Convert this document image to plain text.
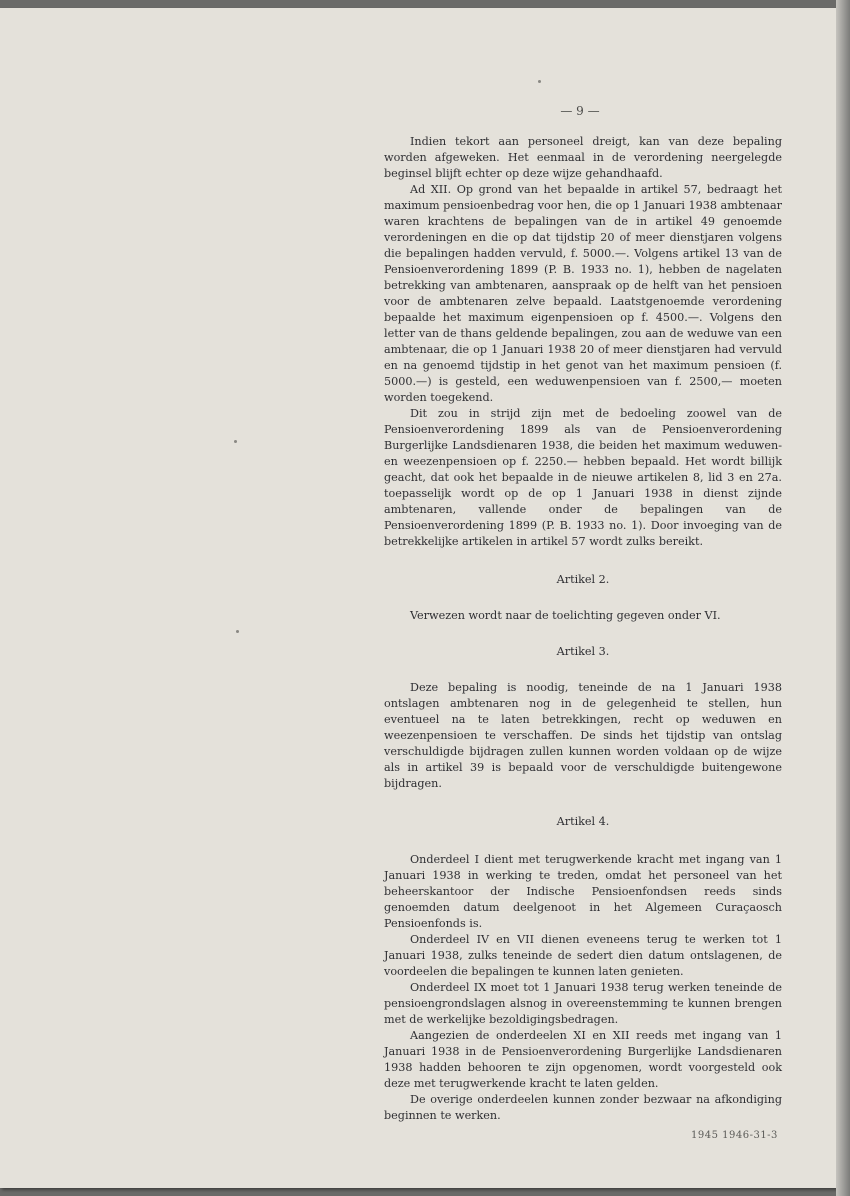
— 9 —

Indien tekort aan personeel dreigt, kan van deze bepaling worden afgeweken. Het eenmaal in de verordening neergelegde beginsel blijft echter op deze wijze gehandhaafd.

Ad XII. Op grond van het bepaalde in artikel 57, bedraagt het maximum pensioenbedrag voor hen, die op 1 Januari 1938 ambtenaar waren krachtens de bepalingen van de in artikel 49 genoemde verordeningen en die op dat tijdstip 20 of meer dienstjaren volgens die bepalingen hadden vervuld, f. 5000.—. Volgens artikel 13 van de Pensioenverordening 1899 (P. B. 1933 no. 1), hebben de nagelaten betrekking van ambtenaren, aanspraak op de helft van het pensioen voor de ambtenaren zelve bepaald. Laatstgenoemde verordening bepaalde het maximum eigenpensioen op f. 4500.—. Volgens den letter van de thans geldende bepalingen, zou aan de weduwe van een ambtenaar, die op 1 Januari 1938 20 of meer dienstjaren had vervuld en na genoemd tijdstip in het genot van het maximum pensioen (f. 5000.—) is gesteld, een weduwenpensioen van f. 2500,— moeten worden toegekend.

Dit zou in strijd zijn met de bedoeling zoowel van de Pensioenverordening 1899 als van de Pensioenverordening Burgerlijke Landsdienaren 1938, die beiden het maximum weduwen- en weezenpensioen op f. 2250.— hebben bepaald. Het wordt billijk geacht, dat ook het bepaalde in de nieuwe artikelen 8, lid 3 en 27a. toepasselijk wordt op de op 1 Januari 1938 in dienst zijnde ambtenaren, vallende onder de bepalingen van de Pensioenverordening 1899 (P. B. 1933 no. 1). Door invoeging van de betrekkelijke artikelen in artikel 57 wordt zulks bereikt.

Artikel 2.

Verwezen wordt naar de toelichting gegeven onder VI.

Artikel 3.

Deze bepaling is noodig, teneinde de na 1 Januari 1938 ontslagen ambtenaren nog in de gelegenheid te stellen, hun eventueel na te laten betrekkingen, recht op weduwen en weezenpensioen te verschaffen. De sinds het tijdstip van ontslag verschuldigde bijdragen zullen kunnen worden voldaan op de wijze als in artikel 39 is bepaald voor de verschuldigde buitengewone bijdragen.

Artikel 4.

Onderdeel I dient met terugwerkende kracht met ingang van 1 Januari 1938 in werking te treden, omdat het personeel van het beheerskantoor der Indische Pensioenfondsen reeds sinds genoemden datum deelgenoot in het Algemeen Curaçaosch Pensioenfonds is.

Onderdeel IV en VII dienen eveneens terug te werken tot 1 Januari 1938, zulks teneinde de sedert dien datum ontslagenen, de voordeelen die bepalingen te kunnen laten genieten.

Onderdeel IX moet tot 1 Januari 1938 terug werken teneinde de pensioengrondslagen alsnog in overeenstemming te kunnen brengen met de werkelijke bezoldigingsbedragen.

Aangezien de onderdeelen XI en XII reeds met ingang van 1 Januari 1938 in de Pensioenverordening Burgerlijke Landsdienaren 1938 hadden behooren te zijn opgenomen, wordt voorgesteld ook deze met terugwerkende kracht te laten gelden.

De overige onderdeelen kunnen zonder bezwaar na afkondiging beginnen te werken.

1945 1946-31-3
